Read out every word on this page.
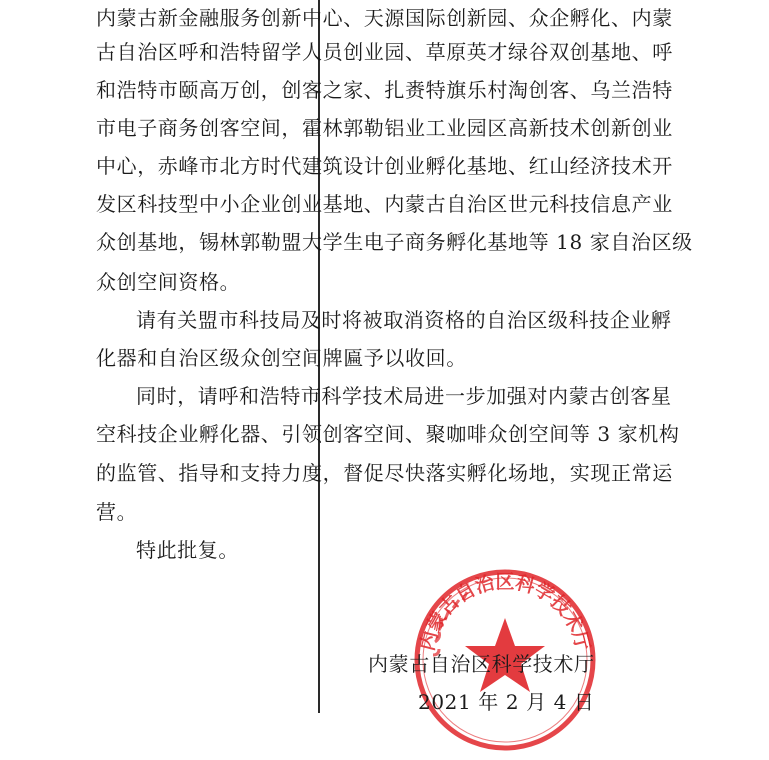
内蒙古新金融服务创新中心、天源国际创新园、众企孵化、内蒙
古自治区呼和浩特留学人员创业园、草原英才绿谷双创基地、呼
和浩特市颐高万创，创客之家、扎赉特旗乐村淘创客、乌兰浩特
市电子商务创客空间，霍林郭勒铝业工业园区高新技术创新创业
中心，赤峰市北方时代建筑设计创业孵化基地、红山经济技术开
发区科技型中小企业创业基地、内蒙古自治区世元科技信息产业
众创基地，锡林郭勒盟大学生电子商务孵化基地等 18 家自治区级
众创空间资格。
请有关盟市科技局及时将被取消资格的自治区级科技企业孵
化器和自治区级众创空间牌匾予以收回。
同时，请呼和浩特市科学技术局进一步加强对内蒙古创客星
空科技企业孵化器、引领创客空间、聚咖啡众创空间等 3 家机构
的监管、指导和支持力度，督促尽快落实孵化场地，实现正常运
营。
特此批复。
内蒙古自治区科学技术厅
内蒙古自治区科学技术厅
2021 年 2 月 4 日
